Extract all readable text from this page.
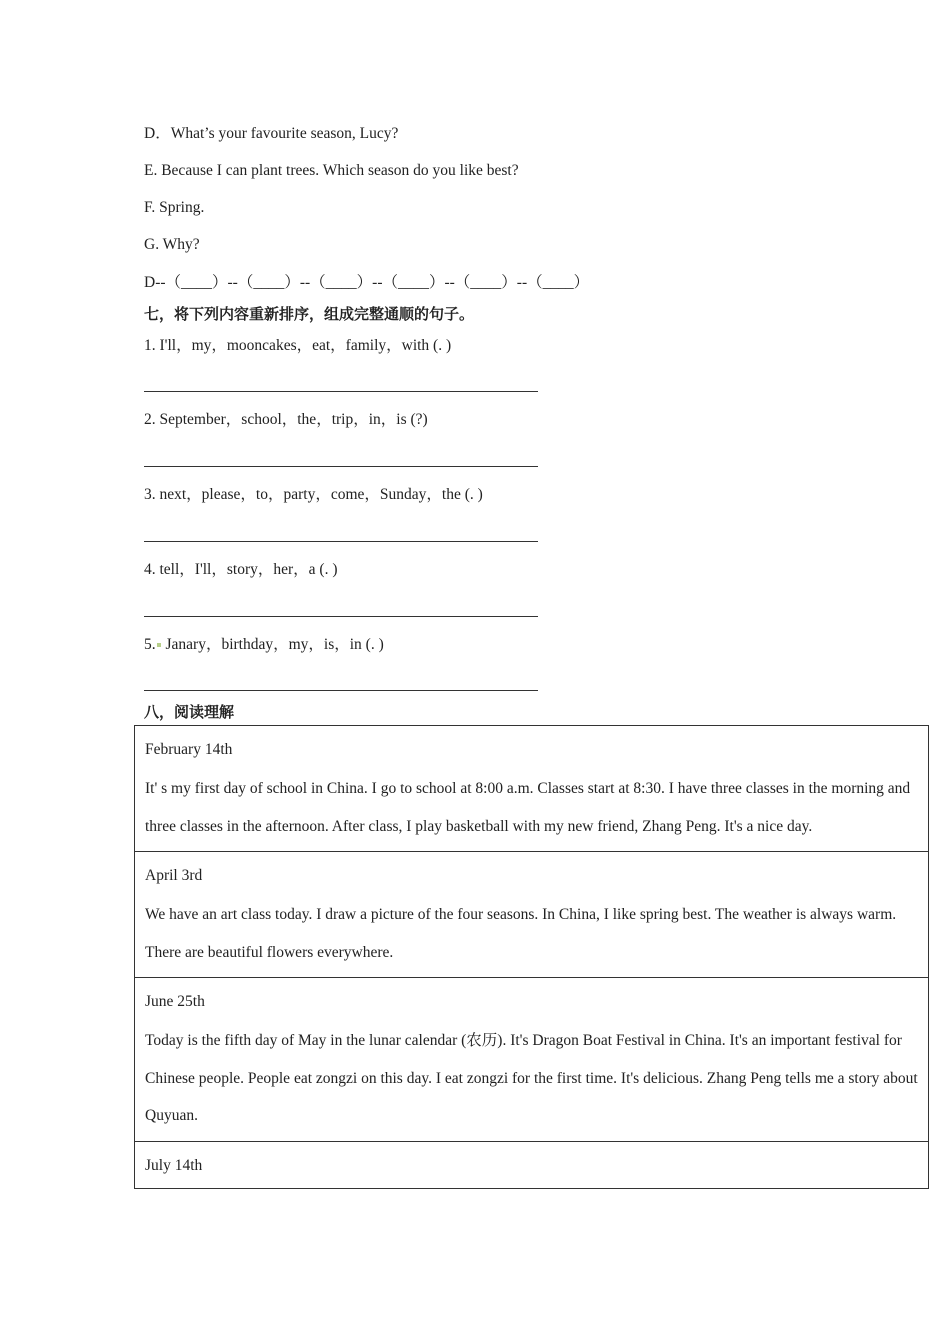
D．What’s your favourite season, Lucy?
E. Because I can plant trees. Which season do you like best?
F. Spring.
G. Why?
D--（____）--（____）--（____）--（____）--（____）--（____）
七，将下列内容重新排序，组成完整通顺的句子。
1. I'll，my，mooncakes，eat，family，with (. )
2. September，school，the，trip，in，is (?)
3. next，please，to，party，come，Sunday，the (. )
4. tell，I'll，story，her，a (. )
5. Janary，birthday，my，is，in (. )
八，阅读理解
February 14th
It' s my first day of school in China. I go to school at 8:00 a.m. Classes start at 8:30. I have three classes in the morning and three classes in the afternoon. After class, I play basketball with my new friend, Zhang Peng. It's a nice day.

April 3rd
We have an art class today. I draw a picture of the four seasons. In China, I like spring best. The weather is always warm. There are beautiful flowers everywhere.

June 25th
Today is the fifth day of May in the lunar calendar (农历). It's Dragon Boat Festival in China. It's an important festival for Chinese people. People eat zongzi on this day. I eat zongzi for the first time. It's delicious. Zhang Peng tells me a story about Quyuan.

July 14th
